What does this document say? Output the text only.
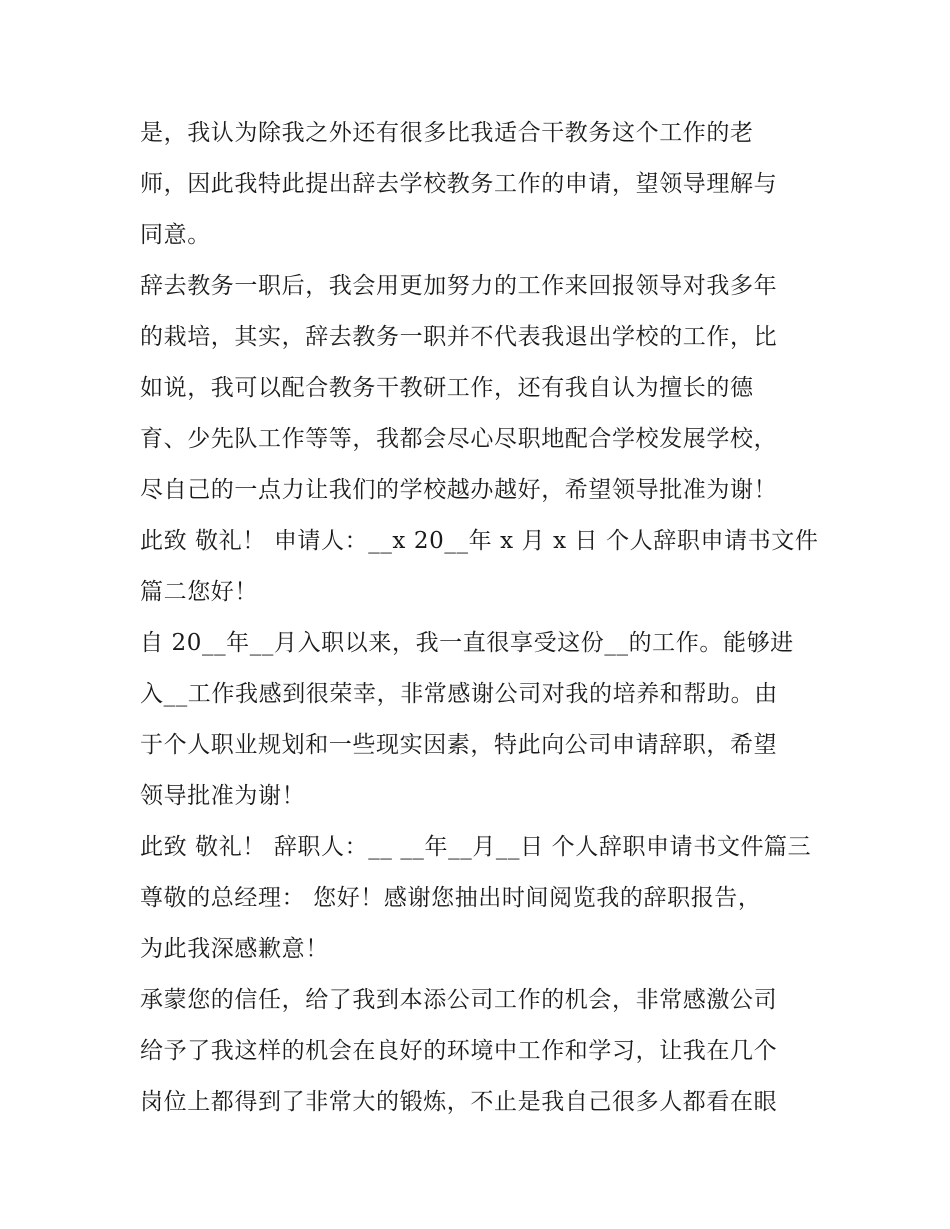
是，我认为除我之外还有很多比我适合干教务这个工作的老
师，因此我特此提出辞去学校教务工作的申请，望领导理解与
同意。
辞去教务一职后，我会用更加努力的工作来回报领导对我多年
的栽培，其实，辞去教务一职并不代表我退出学校的工作，比
如说，我可以配合教务干教研工作，还有我自认为擅长的德
育、少先队工作等等，我都会尽心尽职地配合学校发展学校，
尽自己的一点力让我们的学校越办越好，希望领导批准为谢！
此致 敬礼！ 申请人：__x 20__年 x 月 x 日 个人辞职申请书文件
篇二您好！
自 20__年__月入职以来，我一直很享受这份__的工作。能够进
入__工作我感到很荣幸，非常感谢公司对我的培养和帮助。由
于个人职业规划和一些现实因素，特此向公司申请辞职，希望
领导批准为谢！
此致 敬礼！ 辞职人：__ __年__月__日 个人辞职申请书文件篇三
尊敬的总经理： 您好！感谢您抽出时间阅览我的辞职报告，
为此我深感歉意！
承蒙您的信任，给了我到本添公司工作的机会，非常感激公司
给予了我这样的机会在良好的环境中工作和学习，让我在几个
岗位上都得到了非常大的锻炼，不止是我自己很多人都看在眼
